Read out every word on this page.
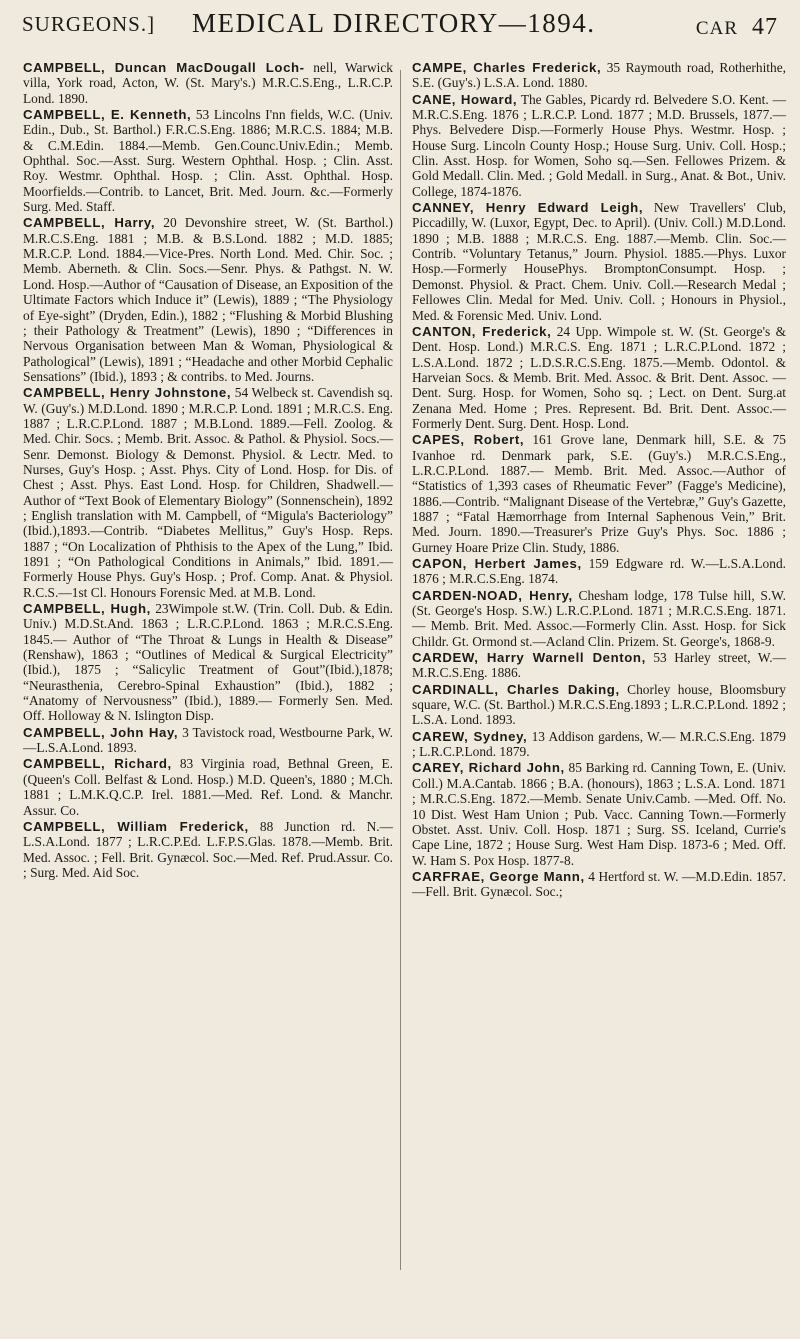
SURGEONS.] MEDICAL DIRECTORY—1894.	CAR 47
CAMPBELL, Duncan MacDougall Loch- nell, Warwick villa, York road, Acton, W. (St. Mary's.) M.R.C.S.Eng., L.R.C.P. Lond. 1890.
CAMPBELL, E. Kenneth, 53 Lincolns I'nn fields, W.C. (Univ. Edin., Dub., St. Barthol.) F.R.C.S.Eng. 1886; M.R.C.S. 1884; M.B. & C.M.Edin. 1884.—Memb. Gen.Counc.Univ.Edin.; Memb. Ophthal. Soc.—Asst. Surg. Western Ophthal. Hosp. ; Clin. Asst. Roy. Westmr. Ophthal. Hosp. ; Clin. Asst. Ophthal. Hosp. Moorfields.—Contrib. to Lancet, Brit. Med. Journ. &c.—Formerly Surg. Med. Staff.
CAMPBELL, Harry, 20 Devonshire street, W. (St. Barthol.) M.R.C.S.Eng. 1881 ; M.B. & B.S.Lond. 1882 ; M.D. 1885; M.R.C.P. Lond. 1884.—Vice-Pres. North Lond. Med. Chir. Soc. ; Memb. Aberneth. & Clin. Socs.—Senr. Phys. & Pathgst. N. W. Lond. Hosp.—Author of “Causation of Disease, an Exposition of the Ultimate Factors which Induce it” (Lewis), 1889 ; “The Physiology of Eye-sight” (Dryden, Edin.), 1882 ; “Flushing & Morbid Blushing ; their Pathology & Treatment” (Lewis), 1890 ; “Differences in Nervous Organisation between Man & Woman, Physiological & Pathological” (Lewis), 1891 ; “Headache and other Morbid Cephalic Sensations” (Ibid.), 1893 ; & contribs. to Med. Journs.
CAMPBELL, Henry Johnstone, 54 Welbeck st. Cavendish sq. W. (Guy's.) M.D.Lond. 1890 ; M.R.C.P. Lond. 1891 ; M.R.C.S. Eng. 1887 ; L.R.C.P.Lond. 1887 ; M.B.Lond. 1889.—Fell. Zoolog. & Med. Chir. Socs. ; Memb. Brit. Assoc. & Pathol. & Physiol. Socs.— Senr. Demonst. Biology & Demonst. Physiol. & Lectr. Med. to Nurses, Guy's Hosp. ; Asst. Phys. City of Lond. Hosp. for Dis. of Chest ; Asst. Phys. East Lond. Hosp. for Children, Shadwell.—Author of “Text Book of Elementary Biology” (Sonnenschein), 1892 ; English translation with M. Campbell, of “Migula's Bacteriology” (Ibid.),1893.—Contrib. “Diabetes Mellitus,” Guy's Hosp. Reps. 1887 ; “On Localization of Phthisis to the Apex of the Lung,” Ibid. 1891 ; “On Pathological Conditions in Animals,” Ibid. 1891.—Formerly House Phys. Guy's Hosp. ; Prof. Comp. Anat. & Physiol. R.C.S.—1st Cl. Honours Forensic Med. at M.B. Lond.
CAMPBELL, Hugh, 23Wimpole st.W. (Trin. Coll. Dub. & Edin. Univ.) M.D.St.And. 1863 ; L.R.C.P.Lond. 1863 ; M.R.C.S.Eng. 1845.— Author of “The Throat & Lungs in Health & Disease” (Renshaw), 1863 ; “Outlines of Medical & Surgical Electricity” (Ibid.), 1875 ; “Salicylic Treatment of Gout”(Ibid.),1878; “Neurasthenia, Cerebro-Spinal Exhaustion” (Ibid.), 1882 ; “Anatomy of Nervousness” (Ibid.), 1889.— Formerly Sen. Med. Off. Holloway & N. Islington Disp.
CAMPBELL, John Hay, 3 Tavistock road, Westbourne Park, W.—L.S.A.Lond. 1893.
CAMPBELL, Richard, 83 Virginia road, Bethnal Green, E. (Queen's Coll. Belfast & Lond. Hosp.) M.D. Queen's, 1880 ; M.Ch. 1881 ; L.M.K.Q.C.P. Irel. 1881.—Med. Ref. Lond. & Manchr. Assur. Co.
CAMPBELL, William Frederick, 88 Junction rd. N.—L.S.A.Lond. 1877 ; L.R.C.P.Ed. L.F.P.S.Glas. 1878.—Memb. Brit. Med. Assoc. ; Fell. Brit. Gynæcol. Soc.—Med. Ref. Prud.Assur. Co. ; Surg. Med. Aid Soc.
CAMPE, Charles Frederick, 35 Raymouth road, Rotherhithe, S.E. (Guy's.) L.S.A. Lond. 1880.
CANE, Howard, The Gables, Picardy rd. Belvedere S.O. Kent. — M.R.C.S.Eng. 1876 ; L.R.C.P. Lond. 1877 ; M.D. Brussels, 1877.— Phys. Belvedere Disp.—Formerly House Phys. Westmr. Hosp. ; House Surg. Lincoln County Hosp.; House Surg. Univ. Coll. Hosp.; Clin. Asst. Hosp. for Women, Soho sq.—Sen. Fellowes Prizem. & Gold Medall. Clin. Med. ; Gold Medall. in Surg., Anat. & Bot., Univ. College, 1874-1876.
CANNEY, Henry Edward Leigh, New Travellers' Club, Piccadilly, W. (Luxor, Egypt, Dec. to April). (Univ. Coll.) M.D.Lond. 1890 ; M.B. 1888 ; M.R.C.S. Eng. 1887.—Memb. Clin. Soc.—Contrib. “Voluntary Tetanus,” Journ. Physiol. 1885.—Phys. Luxor Hosp.—Formerly HousePhys. BromptonConsumpt. Hosp. ; Demonst. Physiol. & Pract. Chem. Univ. Coll.—Research Medal ; Fellowes Clin. Medal for Med. Univ. Coll. ; Honours in Physiol., Med. & Forensic Med. Univ. Lond.
CANTON, Frederick, 24 Upp. Wimpole st. W. (St. George's & Dent. Hosp. Lond.) M.R.C.S. Eng. 1871 ; L.R.C.P.Lond. 1872 ; L.S.A.Lond. 1872 ; L.D.S.R.C.S.Eng. 1875.—Memb. Odontol. & Harveian Socs. & Memb. Brit. Med. Assoc. & Brit. Dent. Assoc. — Dent. Surg. Hosp. for Women, Soho sq. ; Lect. on Dent. Surg.at Zenana Med. Home ; Pres. Represent. Bd. Brit. Dent. Assoc.—Formerly Dent. Surg. Dent. Hosp. Lond.
CAPES, Robert, 161 Grove lane, Denmark hill, S.E. & 75 Ivanhoe rd. Denmark park, S.E. (Guy's.) M.R.C.S.Eng., L.R.C.P.Lond. 1887.— Memb. Brit. Med. Assoc.—Author of “Statistics of 1,393 cases of Rheumatic Fever” (Fagge's Medicine), 1886.—Contrib. “Malignant Disease of the Vertebræ,” Guy's Gazette, 1887 ; “Fatal Hæmorrhage from Internal Saphenous Vein,” Brit. Med. Journ. 1890.—Treasurer's Prize Guy's Phys. Soc. 1886 ; Gurney Hoare Prize Clin. Study, 1886.
CAPON, Herbert James, 159 Edgware rd. W.—L.S.A.Lond. 1876 ; M.R.C.S.Eng. 1874.
CARDEN-NOAD, Henry, Chesham lodge, 178 Tulse hill, S.W. (St. George's Hosp. S.W.) L.R.C.P.Lond. 1871 ; M.R.C.S.Eng. 1871.— Memb. Brit. Med. Assoc.—Formerly Clin. Asst. Hosp. for Sick Childr. Gt. Ormond st.—Acland Clin. Prizem. St. George's, 1868-9.
CARDEW, Harry Warnell Denton, 53 Harley street, W.—M.R.C.S.Eng. 1886.
CARDINALL, Charles Daking, Chorley house, Bloomsbury square, W.C. (St. Barthol.) M.R.C.S.Eng.1893 ; L.R.C.P.Lond. 1892 ; L.S.A. Lond. 1893.
CAREW, Sydney, 13 Addison gardens, W.— M.R.C.S.Eng. 1879 ; L.R.C.P.Lond. 1879.
CAREY, Richard John, 85 Barking rd. Canning Town, E. (Univ. Coll.) M.A.Cantab. 1866 ; B.A. (honours), 1863 ; L.S.A. Lond. 1871 ; M.R.C.S.Eng. 1872.—Memb. Senate Univ.Camb. —Med. Off. No. 10 Dist. West Ham Union ; Pub. Vacc. Canning Town.—Formerly Obstet. Asst. Univ. Coll. Hosp. 1871 ; Surg. SS. Iceland, Currie's Cape Line, 1872 ; House Surg. West Ham Disp. 1873-6 ; Med. Off. W. Ham S. Pox Hosp. 1877-8.
CARFRAE, George Mann, 4 Hertford st. W. —M.D.Edin. 1857.—Fell. Brit. Gynæcol. Soc.;
